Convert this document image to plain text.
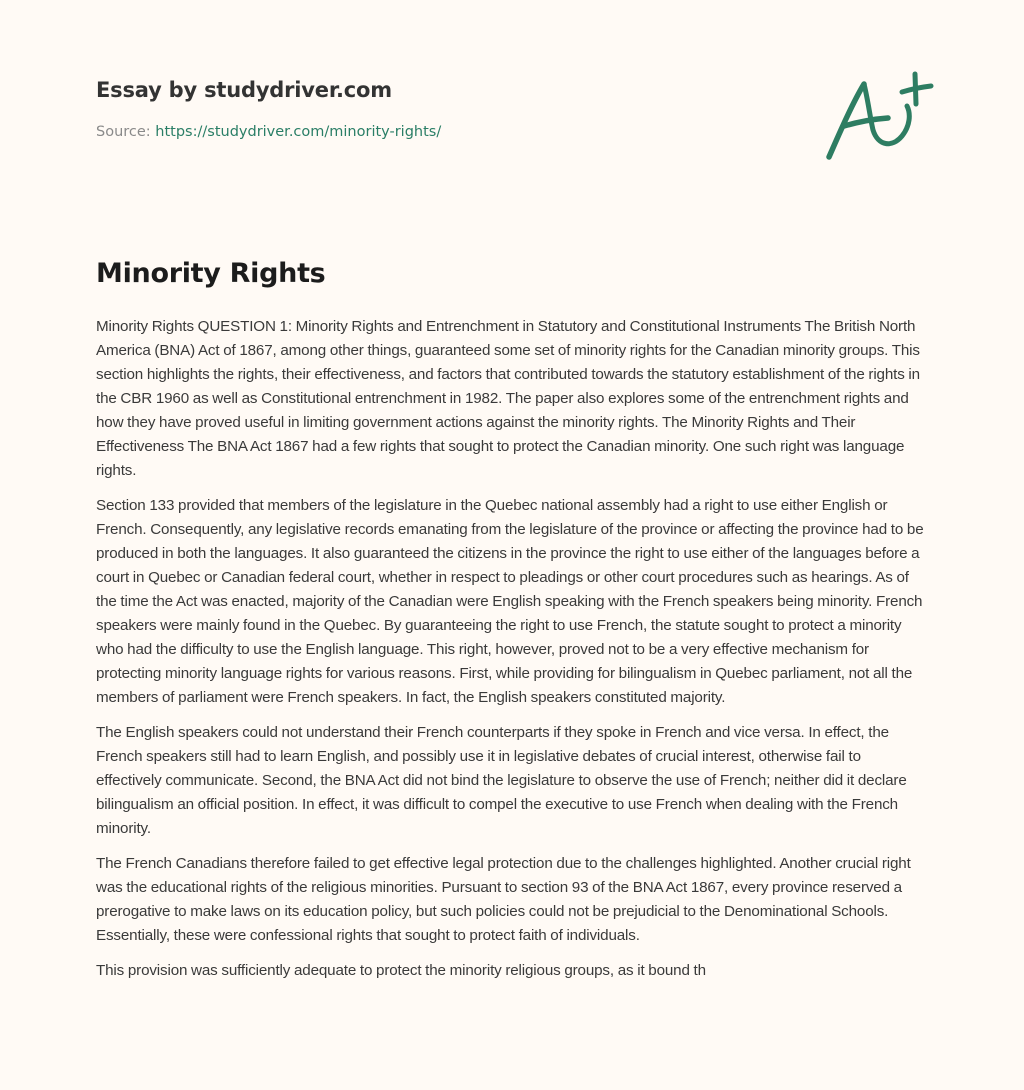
Essay by studydriver.com
Source: https://studydriver.com/minority-rights/
Minority Rights

Minority Rights QUESTION 1: Minority Rights and Entrenchment in Statutory and Constitutional Instruments The British North America (BNA) Act of 1867, among other things, guaranteed some set of minority rights for the Canadian minority groups. This section highlights the rights, their effectiveness, and factors that contributed towards the statutory establishment of the rights in the CBR 1960 as well as Constitutional entrenchment in 1982. The paper also explores some of the entrenchment rights and how they have proved useful in limiting government actions against the minority rights. The Minority Rights and Their Effectiveness The BNA Act 1867 had a few rights that sought to protect the Canadian minority. One such right was language rights.

Section 133 provided that members of the legislature in the Quebec national assembly had a right to use either English or French. Consequently, any legislative records emanating from the legislature of the province or affecting the province had to be produced in both the languages. It also guaranteed the citizens in the province the right to use either of the languages before a court in Quebec or Canadian federal court, whether in respect to pleadings or other court procedures such as hearings. As of the time the Act was enacted, majority of the Canadian were English speaking with the French speakers being minority. French speakers were mainly found in the Quebec. By guaranteeing the right to use French, the statute sought to protect a minority who had the difficulty to use the English language. This right, however, proved not to be a very effective mechanism for protecting minority language rights for various reasons. First, while providing for bilingualism in Quebec parliament, not all the members of parliament were French speakers. In fact, the English speakers constituted majority.

The English speakers could not understand their French counterparts if they spoke in French and vice versa. In effect, the French speakers still had to learn English, and possibly use it in legislative debates of crucial interest, otherwise fail to effectively communicate. Second, the BNA Act did not bind the legislature to observe the use of French; neither did it declare bilingualism an official position. In effect, it was difficult to compel the executive to use French when dealing with the French minority.

The French Canadians therefore failed to get effective legal protection due to the challenges highlighted. Another crucial right was the educational rights of the religious minorities. Pursuant to section 93 of the BNA Act 1867, every province reserved a prerogative to make laws on its education policy, but such policies could not be prejudicial to the Denominational Schools. Essentially, these were confessional rights that sought to protect faith of individuals.

This provision was sufficiently adequate to protect the minority religious groups, as it bound th
